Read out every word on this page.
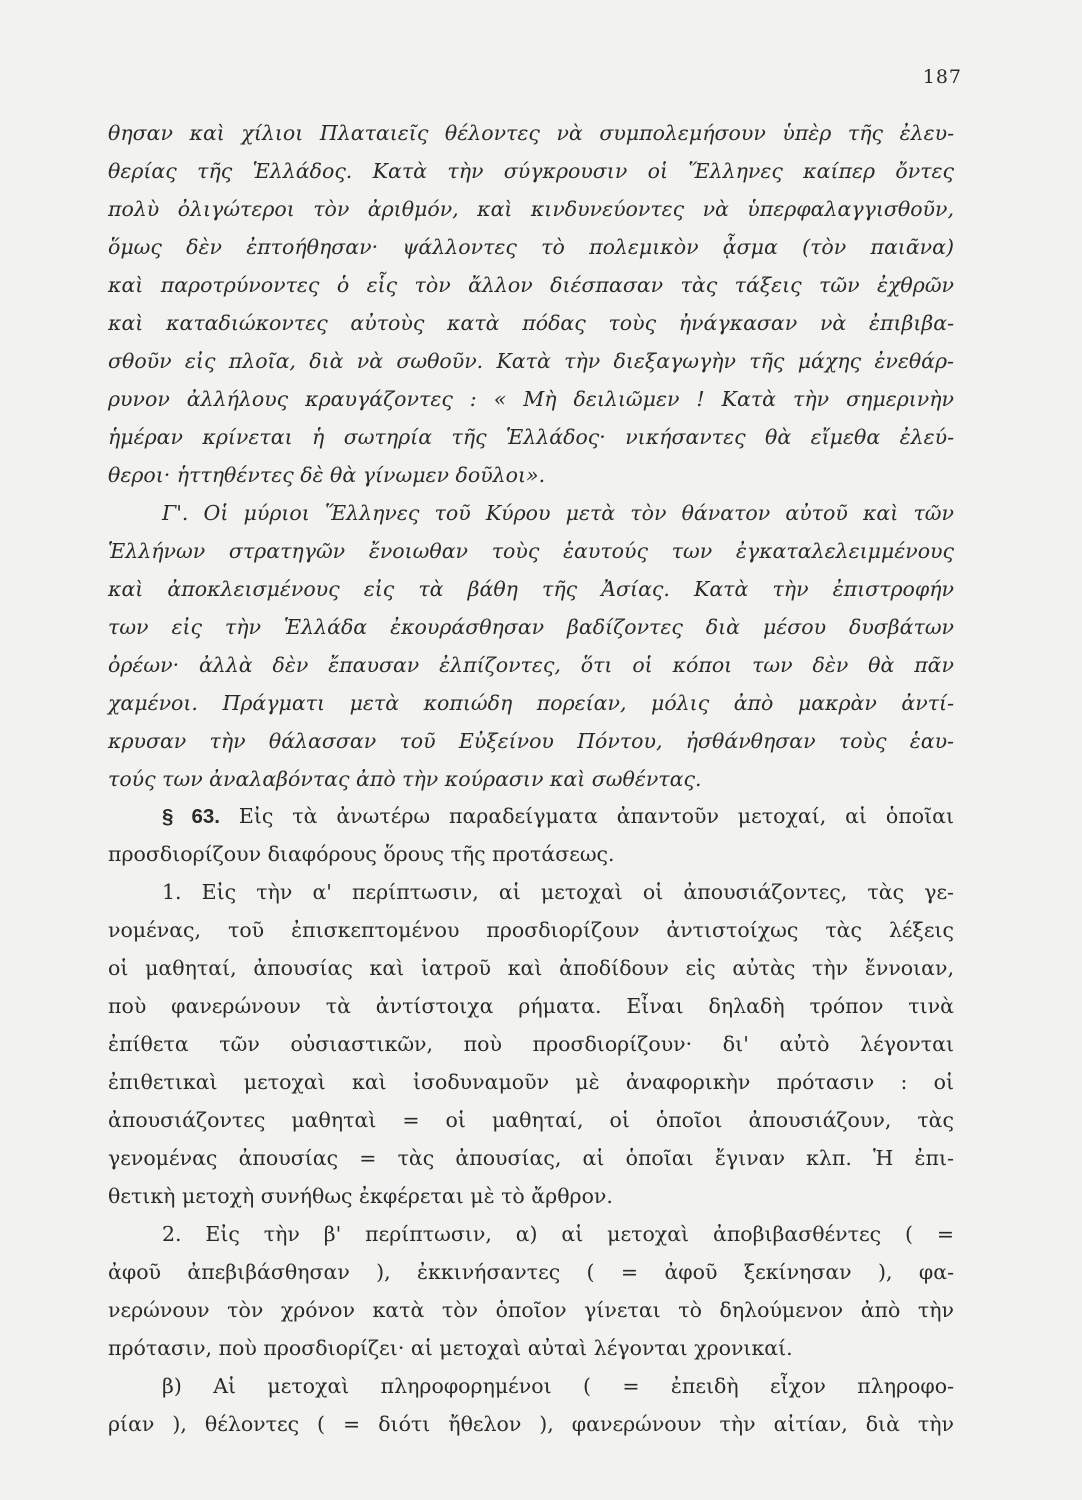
187
θησαν καὶ χίλιοι Πλαταιεῖς θέλοντες νὰ συμπολεμήσουν ὑπὲρ τῆς ἐλευ-
θερίας τῆς Ἑλλάδος. Κατὰ τὴν σύγκρουσιν οἱ Ἕλληνες καίπερ ὄντες
πολὺ ὀλιγώτεροι τὸν ἀριθμόν, καὶ κινδυνεύοντες νὰ ὑπερφαλαγγισθοῦν,
ὅμως δὲν ἐπτοήθησαν· ψάλλοντες τὸ πολεμικὸν ᾆσμα (τὸν παιᾶνα)
καὶ παροτρύνοντες ὁ εἷς τὸν ἄλλον διέσπασαν τὰς τάξεις τῶν ἐχθρῶν
καὶ καταδιώκοντες αὐτοὺς κατὰ πόδας τοὺς ἠνάγκασαν νὰ ἐπιβιβα-
σθοῦν εἰς πλοῖα, διὰ νὰ σωθοῦν. Κατὰ τὴν διεξαγωγὴν τῆς μάχης ἐνεθάρ-
ρυνον ἀλλήλους κραυγάζοντες : « Μὴ δειλιῶμεν ! Κατὰ τὴν σημερινὴν
ἡμέραν κρίνεται ἡ σωτηρία τῆς Ἑλλάδος· νικήσαντες θὰ εἴμεθα ἐλεύ-
θεροι· ἡττηθέντες δὲ θὰ γίνωμεν δοῦλοι».
Γ'. Οἱ μύριοι Ἕλληνες τοῦ Κύρου μετὰ τὸν θάνατον αὐτοῦ καὶ τῶν
Ἑλλήνων στρατηγῶν ἔνοιωθαν τοὺς ἑαυτούς των ἐγκαταλελειμμένους
καὶ ἀποκλεισμένους εἰς τὰ βάθη τῆς Ἀσίας. Κατὰ τὴν ἐπιστροφήν
των εἰς τὴν Ἑλλάδα ἐκουράσθησαν βαδίζοντες διὰ μέσου δυσβάτων
ὀρέων· ἀλλὰ δὲν ἔπαυσαν ἐλπίζοντες, ὅτι οἱ κόποι των δὲν θὰ πᾶν
χαμένοι. Πράγματι μετὰ κοπιώδη πορείαν, μόλις ἀπὸ μακρὰν ἀντί-
κρυσαν τὴν θάλασσαν τοῦ Εὐξείνου Πόντου, ἠσθάνθησαν τοὺς ἑαυ-
τούς των ἀναλαβόντας ἀπὸ τὴν κούρασιν καὶ σωθέντας.
§ 63. Εἰς τὰ ἀνωτέρω παραδείγματα ἀπαντοῦν μετοχαί, αἱ ὁποῖαι
προσδιορίζουν διαφόρους ὅρους τῆς προτάσεως.
1. Εἰς τὴν α' περίπτωσιν, αἱ μετοχαὶ οἱ ἀπουσιάζοντες, τὰς γε-
νομένας, τοῦ ἐπισκεπτομένου προσδιορίζουν ἀντιστοίχως τὰς λέξεις
οἱ μαθηταί, ἀπουσίας καὶ ἰατροῦ καὶ ἀποδίδουν εἰς αὐτὰς τὴν ἔννοιαν,
ποὺ φανερώνουν τὰ ἀντίστοιχα ρήματα. Εἶναι δηλαδὴ τρόπον τινὰ
ἐπίθετα τῶν οὐσιαστικῶν, ποὺ προσδιορίζουν· δι' αὐτὸ λέγονται
ἐπιθετικαὶ μετοχαὶ καὶ ἰσοδυναμοῦν μὲ ἀναφορικὴν πρότασιν : οἱ
ἀπουσιάζοντες μαθηταὶ = οἱ μαθηταί, οἱ ὁποῖοι ἀπουσιάζουν, τὰς
γενομένας ἀπουσίας = τὰς ἀπουσίας, αἱ ὁποῖαι ἔγιναν κλπ. Ἡ ἐπι-
θετικὴ μετοχὴ συνήθως ἐκφέρεται μὲ τὸ ἄρθρον.
2. Εἰς τὴν β' περίπτωσιν, α) αἱ μετοχαὶ ἀποβιβασθέντες ( =
ἀφοῦ ἀπεβιβάσθησαν ), ἐκκινήσαντες ( = ἀφοῦ ξεκίνησαν ), φα-
νερώνουν τὸν χρόνον κατὰ τὸν ὁποῖον γίνεται τὸ δηλούμενον ἀπὸ τὴν
πρότασιν, ποὺ προσδιορίζει· αἱ μετοχαὶ αὐταὶ λέγονται χρονικαί.
β) Αἱ μετοχαὶ πληροφορημένοι ( = ἐπειδὴ εἶχον πληροφο-
ρίαν ), θέλοντες ( = διότι ἤθελον ), φανερώνουν τὴν αἰτίαν, διὰ τὴν
